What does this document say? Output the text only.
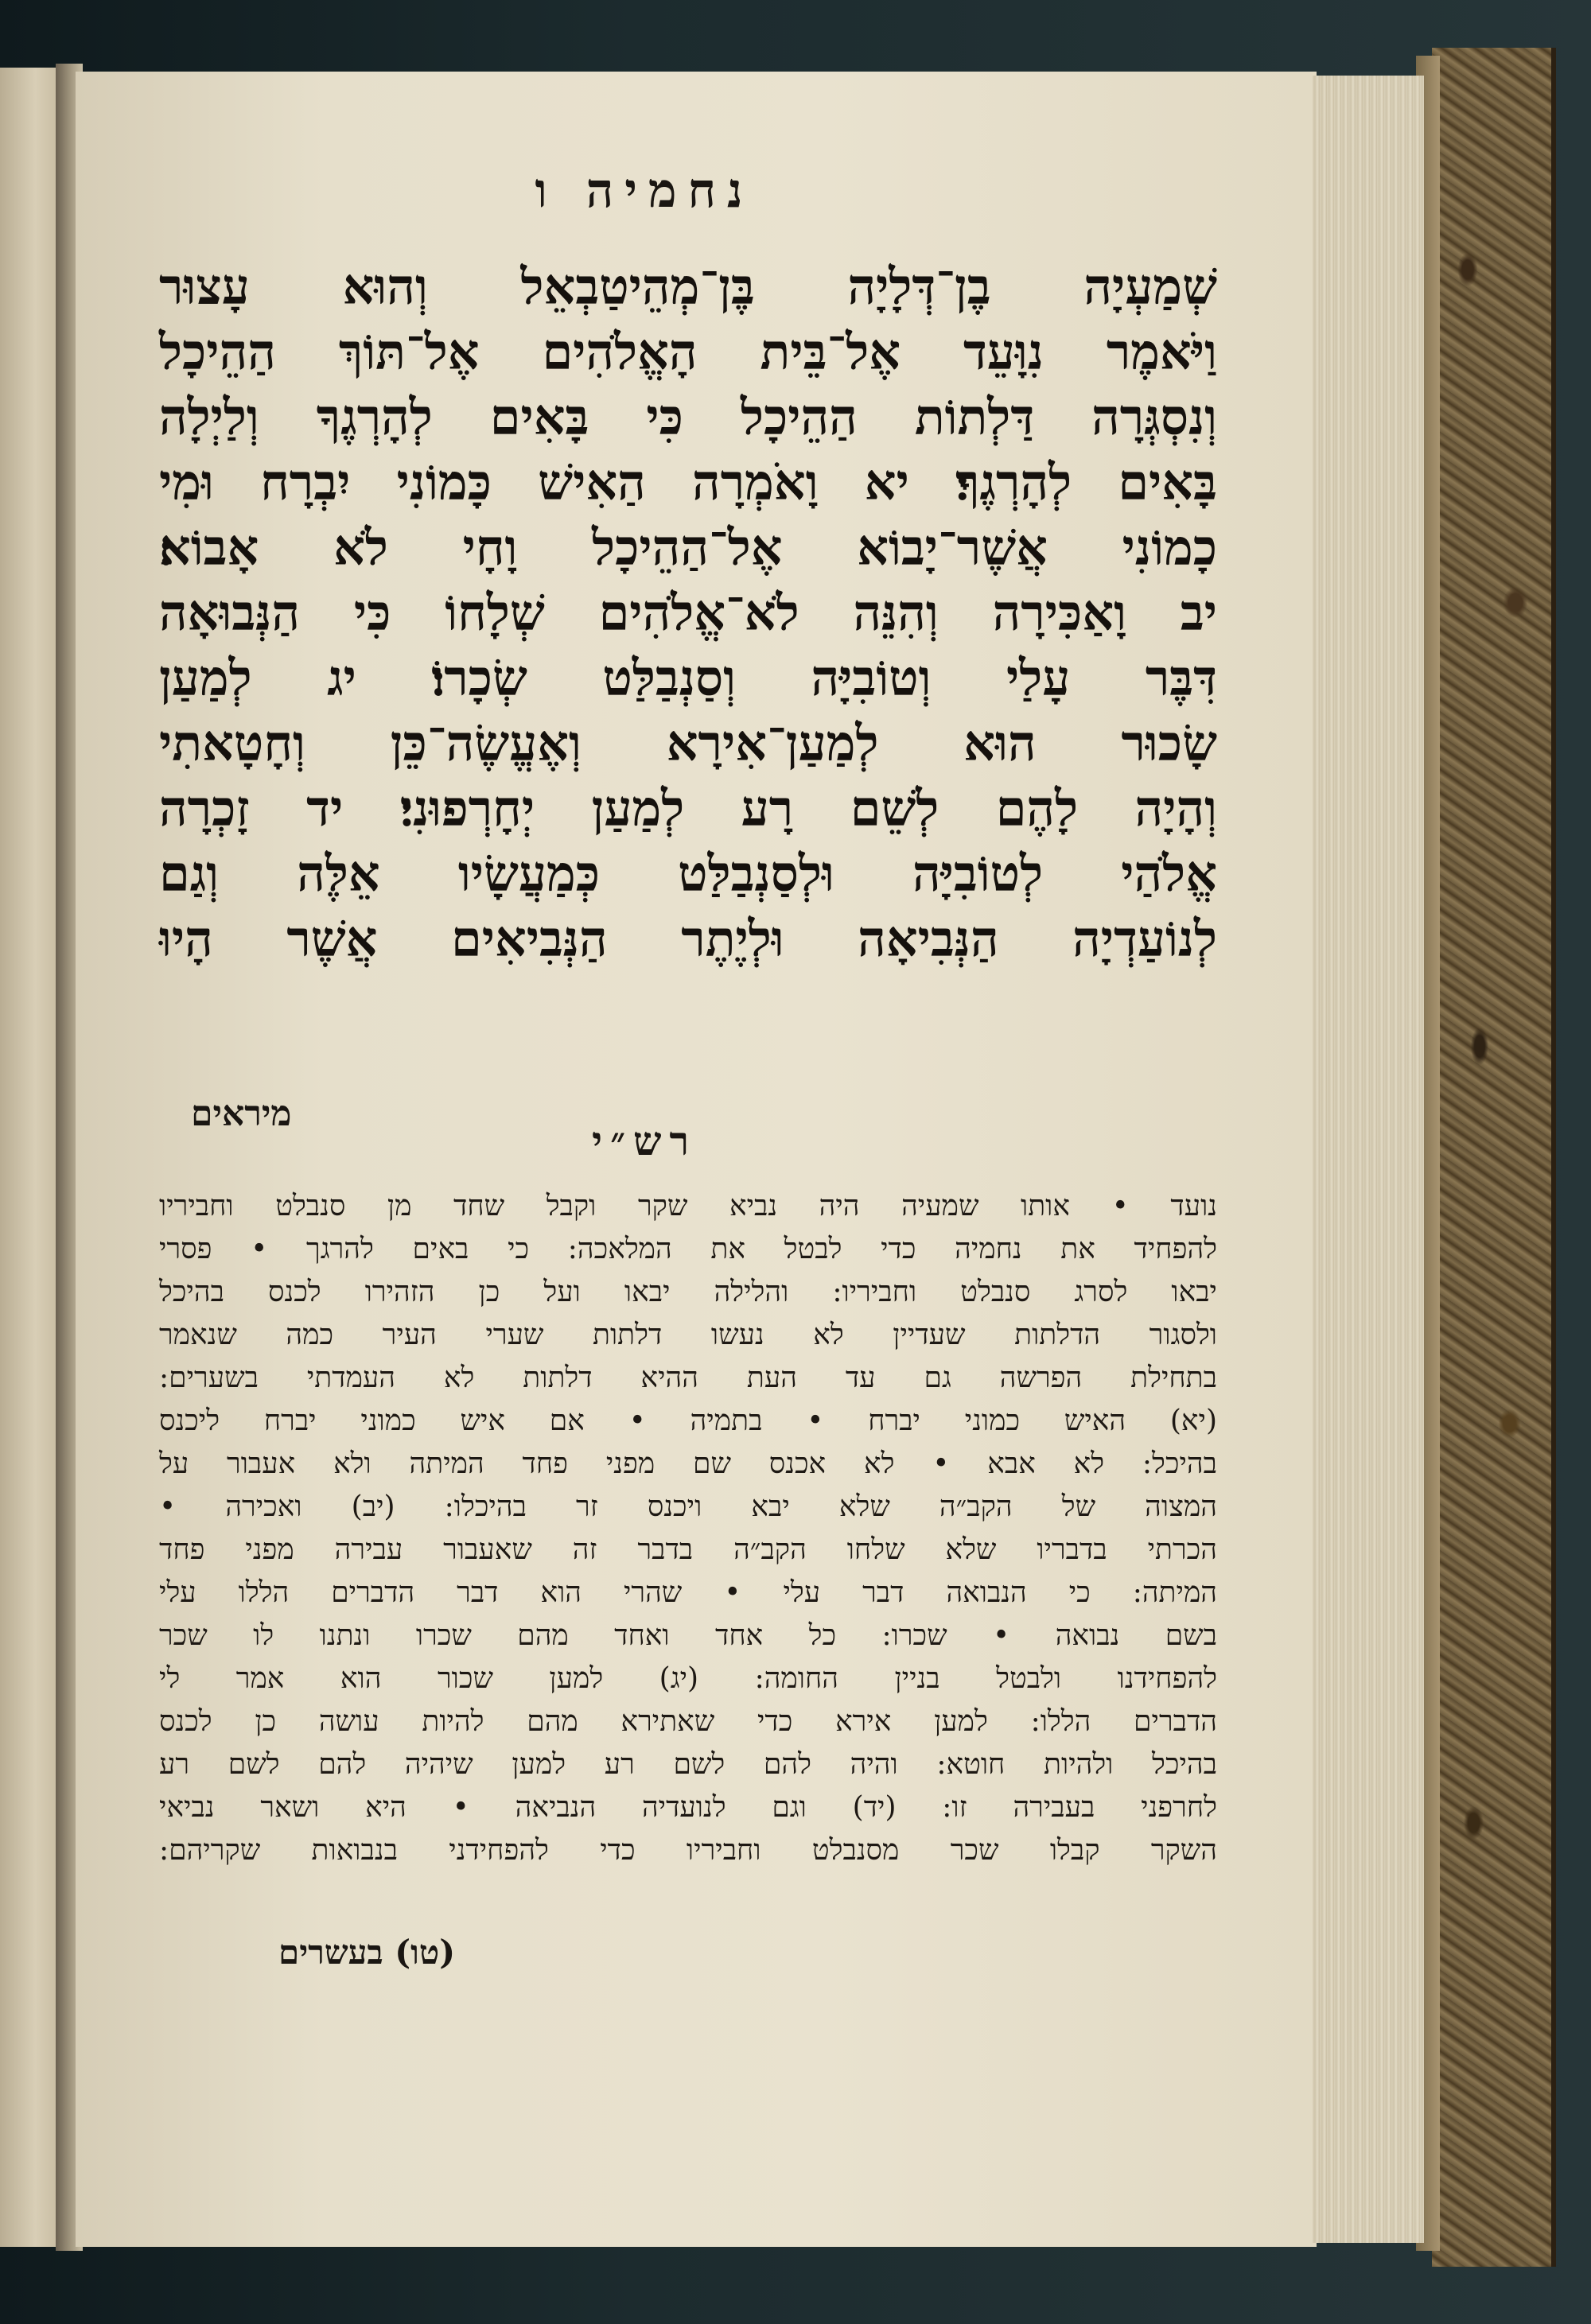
נחמיה ו
שְׁמַעְיָה בֶן־דְּלָיָה בֶּן־מְהֵיטַבְאֵל וְהוּא עָצוּר
וַיֹּאמֶר נִוָּעֵד אֶל־בֵּית הָאֱלֹהִים אֶל־תּוֹךְ הַהֵיכָל
וְנִסְגְּרָה דַּלְתוֹת הַהֵיכָל כִּי בָּאִים לְהָרְגֶךָ וְלַיְלָה
בָּאִים לְהָרְגֶךָ׃ יא וָאֹמְרָה הַאִישׁ כָּמוֹנִי יִבְרָח וּמִי
כָמוֹנִי אֲשֶׁר־יָבוֹא אֶל־הַהֵיכָל וָחָי לֹא אָבוֹא׃
יב וָאַכִּירָה וְהִנֵּה לֹא־אֱלֹהִים שְׁלָחוֹ כִּי הַנְּבוּאָה
דִּבֶּר עָלַי וְטוֹבִיָּה וְסַנְבַלַּט שְׂכָרוֹ׃ יג לְמַעַן
שָׂכוּר הוּא לְמַעַן־אִירָא וְאֶעֱשֶׂה־כֵּן וְחָטָאתִי
וְהָיָה לָהֶם לְשֵׁם רָע לְמַעַן יְחָרְפוּנִי׃ יד זָכְרָה
אֱלֹהַי לְטוֹבִיָּה וּלְסַנְבַלַּט כְּמַעֲשָׂיו אֵלֶּה וְגַם
לְנוֹעַדְיָה הַנְּבִיאָה וּלְיֶתֶר הַנְּבִיאִים אֲשֶׁר הָיוּ
מיראים
רש״י
נועד • אותו שמעיה היה נביא שקר וקבל שחד מן סנבלט וחביריו
להפחיד את נחמיה כדי לבטל את המלאכה: כי באים להרגך • פסרי
יבאו לסרג סנבלט וחביריו: והלילה יבאו ועל כן הזהירו לכנס בהיכל
ולסגור הדלתות שעדיין לא נעשו דלתות שערי העיר כמה שנאמר
בתחילת הפרשה גם עד העת ההיא דלתות לא העמדתי בשערים:
(יא) האיש כמוני יברח • בתמיה • אם איש כמוני יברח ליכנס
בהיכל: לא אבא • לא אכנס שם מפני פחד המיתה ולא אעבור על
המצוה של הקב״ה שלא יבא ויכנס זר בהיכלו: (יב) ואכירה •
הכרתי בדבריו שלא שלחו הקב״ה בדבר זה שאעבור עבירה מפני פחד
המיתה: כי הנבואה דבר עלי • שהרי הוא דבר הדברים הללו עלי
בשם נבואה • שכרו: כל אחד ואחד מהם שכרו ונתנו לו שכר
להפחידנו ולבטל בניין החומה: (יג) למען שכור הוא אמר לי
הדברים הללו: למען אירא כדי שאתירא מהם להיות עושה כן לכנס
בהיכל ולהיות חוטא: והיה להם לשם רע למען שיהיה להם לשם רע
לחרפני בעבירה זו: (יד) וגם לנועדיה הנביאה • היא ושאר נביאי
השקר קבלו שכר מסנבלט וחביריו כדי להפחידני בנבואות שקריהם:
(טו) בעשרים
